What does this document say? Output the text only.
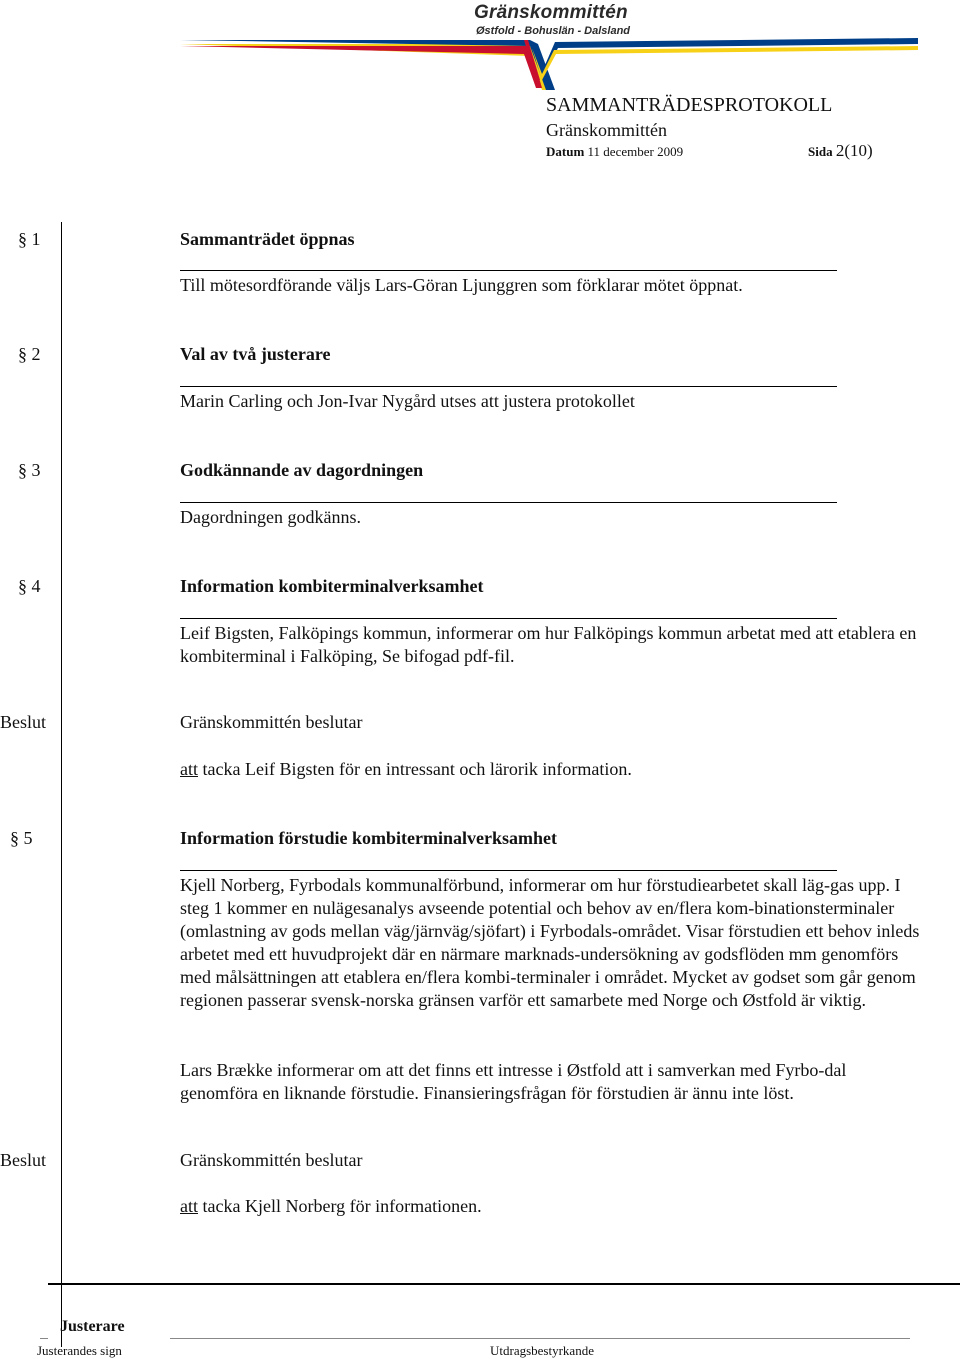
Gränskommittén
Østfold - Bohuslän - Dalsland
SAMMANTRÄDESPROTOKOLL
Gränskommittén
Datum 11 december 2009	Sida 2(10)
§ 1	Sammanträdet öppnas
Till mötesordförande väljs Lars-Göran Ljunggren som förklarar mötet öppnat.
§ 2	Val av två justerare
Marin Carling och Jon-Ivar Nygård utses att justera protokollet
§ 3	Godkännande av dagordningen
Dagordningen godkänns.
§ 4	Information kombiterminalverksamhet
Leif Bigsten, Falköpings kommun, informerar om hur Falköpings kommun arbetat med att etablera en kombiterminal i Falköping, Se bifogad pdf-fil.
Beslut	Gränskommittén beslutar
att tacka Leif Bigsten för en intressant och lärorik information.
§ 5	Information förstudie kombiterminalverksamhet
Kjell Norberg, Fyrbodals kommunalförbund, informerar om hur förstudiearbetet skall läg-gas upp. I steg 1 kommer en nulägesanalys avseende potential och behov av en/flera kom-binationsterminaler (omlastning av gods mellan väg/järnväg/sjöfart) i Fyrbodals-området. Visar förstudien ett behov inleds arbetet med ett huvudprojekt där en närmare marknads-undersökning av godsflöden mm genomförs med målsättningen att etablera en/flera kombi-terminaler i området. Mycket av godset som går genom regionen passerar svensk-norska gränsen varför ett samarbete med Norge och Østfold är viktig.
Lars Brække informerar om att det finns ett intresse i Østfold att i samverkan med Fyrbo-dal genomföra en liknande förstudie. Finansieringsfrågan för förstudien är ännu inte löst.
Beslut	Gränskommittén beslutar
att tacka Kjell Norberg för informationen.
Justerare
Justerandes sign	Utdragsbestyrkande
